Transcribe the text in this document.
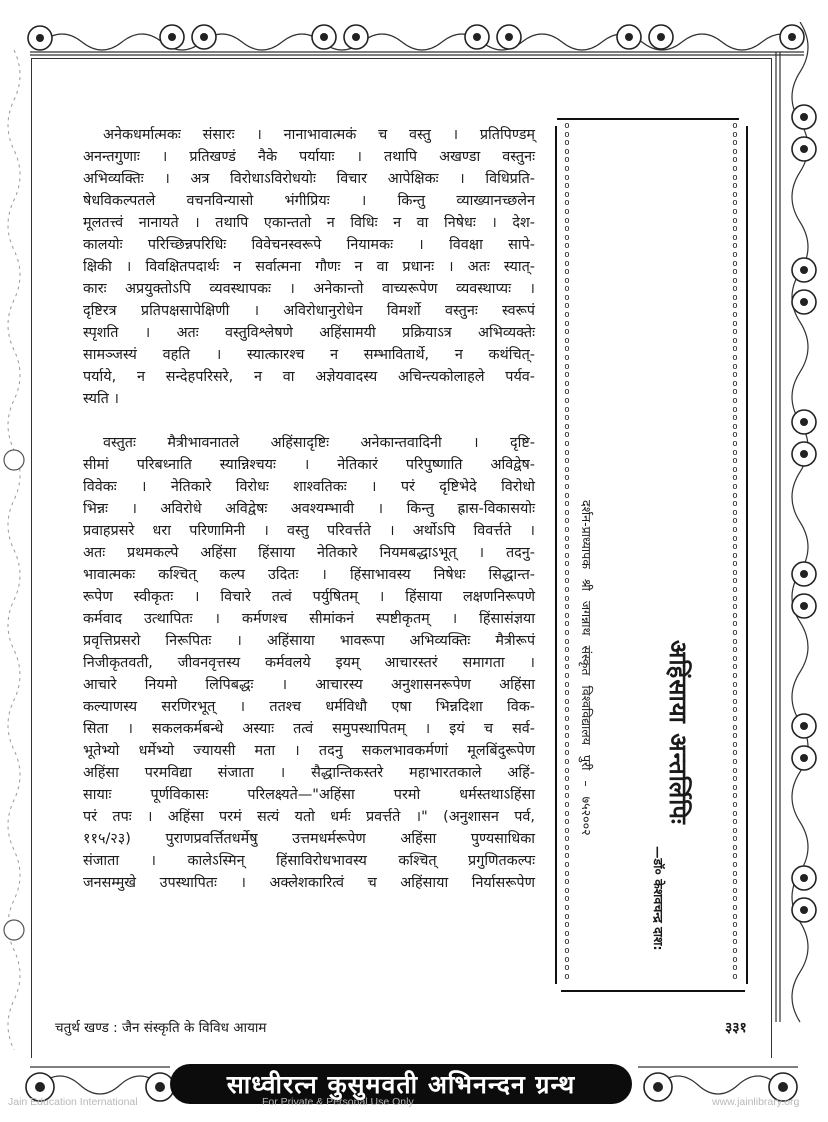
अनेकधर्मात्मकः संसारः । नानाभावात्मकं च वस्तु । प्रतिपिण्डम्
अनन्तगुणाः । प्रतिखण्डं नैके पर्यायाः । तथापि अखण्डा वस्तुनः
अभिव्यक्तिः । अत्र विरोधाऽविरोधयोः विचार आपेक्षिकः । विधिप्रति-
षेधविकल्पतले वचनविन्यासो भंगीप्रियः । किन्तु व्याख्यानच्छलेन
मूलतत्त्वं नानायते । तथापि एकान्ततो न विधिः न वा निषेधः । देश-
कालयोः परिच्छिन्नपरिधिः विवेचनस्वरूपे नियामकः । विवक्षा सापे-
क्षिकी । विवक्षितपदार्थः न सर्वात्मना गौणः न वा प्रधानः । अतः स्यात्-
कारः अप्रयुक्तोऽपि व्यवस्थापकः । अनेकान्तो वाच्यरूपेण व्यवस्थाप्यः ।
दृष्टिरत्र प्रतिपक्षसापेक्षिणी । अविरोधानुरोधेन विमर्शो वस्तुनः स्वरूपं
स्पृशति । अतः वस्तुविश्लेषणे अहिंसामयी प्रक्रियाऽत्र अभिव्यक्तेः
सामञ्जस्यं वहति । स्यात्कारश्च न सम्भावितार्थे, न कथंचित्-
पर्याये, न सन्देहपरिसरे, न वा अज्ञेयवादस्य अचिन्त्यकोलाहले पर्यव-
स्यति ।

वस्तुतः मैत्रीभावनातले अहिंसादृष्टिः अनेकान्तवादिनी । दृष्टि-
सीमां परिबध्नाति स्यान्निश्चयः । नेतिकारं परिपुष्णाति अविद्वेष-
विवेकः । नेतिकारे विरोधः शाश्वतिकः । परं दृष्टिभेदे विरोधो
भिन्नः । अविरोधे अविद्वेषः अवश्यम्भावी । किन्तु ह्रास-विकासयोः
प्रवाहप्रसरे धरा परिणामिनी । वस्तु परिवर्त्तते । अर्थोऽपि विवर्त्तते ।
अतः प्रथमकल्पे अहिंसा हिंसाया नेतिकारे नियमबद्धाऽभूत् । तदनु-
भावात्मकः कश्चित् कल्प उदितः । हिंसाभावस्य निषेधः सिद्धान्त-
रूपेण स्वीकृतः । विचारे तत्वं पर्युषितम् । हिंसाया लक्षणनिरूपणे
कर्मवाद उत्थापितः । कर्मणश्च सीमांकनं स्पष्टीकृतम् । हिंसासंज्ञया
प्रवृत्तिप्रसरो निरूपितः । अहिंसाया भावरूपा अभिव्यक्तिः मैत्रीरूपं
निजीकृतवती, जीवनवृत्तस्य कर्मवलये इयम् आचारस्तरं समागता ।
आचारे नियमो लिपिबद्धः । आचारस्य अनुशासनरूपेण अहिंसा
कल्याणस्य सरणिरभूत् । ततश्च धर्मविधौ एषा भिन्नदिशा विक-
सिता । सकलकर्मबन्धे अस्याः तत्वं समुपस्थापितम् । इयं च सर्व-
भूतेभ्यो धर्मेभ्यो ज्यायसी मता । तदनु सकलभावकर्मणां मूलबिंदुरूपेण
अहिंसा परमविद्या संजाता । सैद्धान्तिकस्तरे महाभारतकाले अहिं-
सायाः पूर्णविकासः परिलक्ष्यते—"अहिंसा परमो धर्मस्तथाऽहिंसा
परं तपः । अहिंसा परमं सत्यं यतो धर्मः प्रवर्त्तते ।" (अनुशासन पर्व,
११५/२३) पुराणप्रवर्त्तितधर्मेषु उत्तमधर्मरूपेण अहिंसा पुण्यसाधिका
संजाता । कालेऽस्मिन् हिंसाविरोधभावस्य कश्चित् प्रगुणितकल्पः
जनसम्मुखे उपस्थापितः । अक्लेशकारित्वं च अहिंसाया निर्यासरूपेण

oooooooooooooooooooooooooooooooooooooooooooooooooooooooooooooooooooooooooooooooooooooooooooooooooooo
oooooooooooooooooooooooooooooooooooooooooooooooooooooooooooooooooooooooooooooooooooooooooooooooooooo
अहिंसाया अन्तर्लिपिः
—डॉ० केशवचन्द्र दाश:
दर्शन-प्राध्यापक श्री जगन्नाथ संस्कृत विश्वविद्यालय पुरी – ७५२००२
चतुर्थ खण्ड : जैन संस्कृति के विविध आयाम	३३१
साध्वीरत्न कुसुमवती अभिनन्दन ग्रन्थ
Jain Education International	For Private & Personal Use Only	www.jainlibrary.org
